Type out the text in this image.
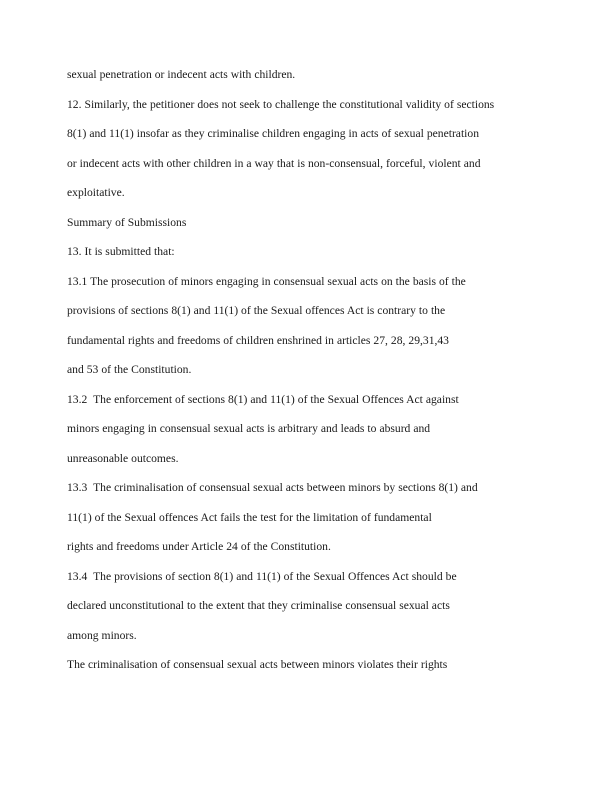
sexual penetration or indecent acts with children.

12. Similarly, the petitioner does not seek to challenge the constitutional validity of sections

8(1) and 11(1) insofar as they criminalise children engaging in acts of sexual penetration

or indecent acts with other children in a way that is non-consensual, forceful, violent and

exploitative.

Summary of Submissions

13. It is submitted that:

13.1 The prosecution of minors engaging in consensual sexual acts on the basis of the

provisions of sections 8(1) and 11(1) of the Sexual offences Act is contrary to the

fundamental rights and freedoms of children enshrined in articles 27, 28, 29,31,43

and 53 of the Constitution.

13.2  The enforcement of sections 8(1) and 11(1) of the Sexual Offences Act against

minors engaging in consensual sexual acts is arbitrary and leads to absurd and

unreasonable outcomes.

13.3  The criminalisation of consensual sexual acts between minors by sections 8(1) and

11(1) of the Sexual offences Act fails the test for the limitation of fundamental

rights and freedoms under Article 24 of the Constitution.

13.4  The provisions of section 8(1) and 11(1) of the Sexual Offences Act should be

declared unconstitutional to the extent that they criminalise consensual sexual acts

among minors.

The criminalisation of consensual sexual acts between minors violates their rights
